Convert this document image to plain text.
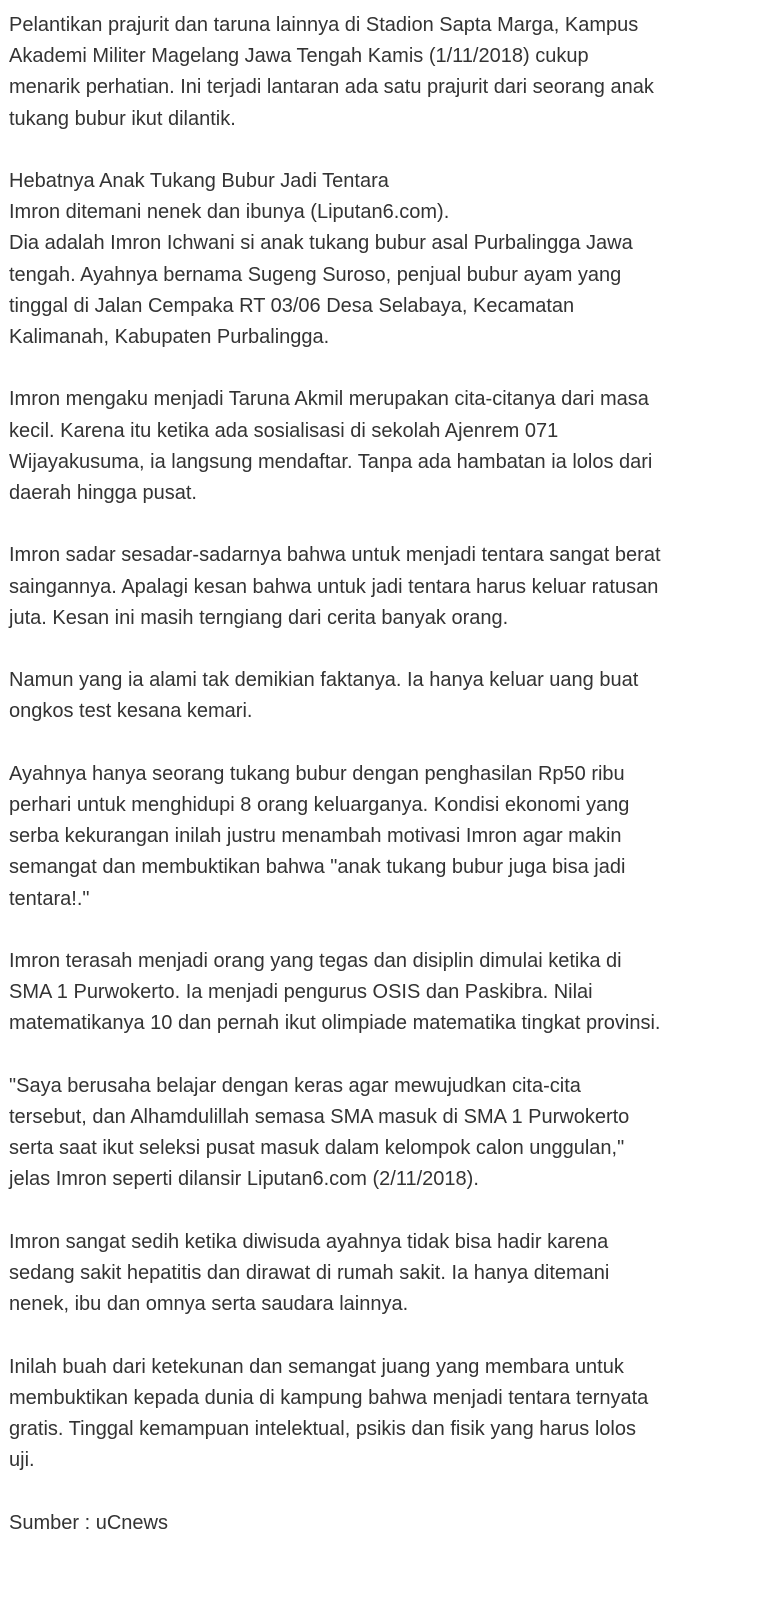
Pelantikan prajurit dan taruna lainnya di Stadion Sapta Marga, Kampus
Akademi Militer Magelang Jawa Tengah Kamis (1/11/2018) cukup
menarik perhatian. Ini terjadi lantaran ada satu prajurit dari seorang anak
tukang bubur ikut dilantik.

Hebatnya Anak Tukang Bubur Jadi Tentara
Imron ditemani nenek dan ibunya (Liputan6.com).
Dia adalah Imron Ichwani si anak tukang bubur asal Purbalingga Jawa
tengah. Ayahnya bernama Sugeng Suroso, penjual bubur ayam yang
tinggal di Jalan Cempaka RT 03/06 Desa Selabaya, Kecamatan
Kalimanah, Kabupaten Purbalingga.

Imron mengaku menjadi Taruna Akmil merupakan cita-citanya dari masa
kecil. Karena itu ketika ada sosialisasi di sekolah Ajenrem 071
Wijayakusuma, ia langsung mendaftar. Tanpa ada hambatan ia lolos dari
daerah hingga pusat.

Imron sadar sesadar-sadarnya bahwa untuk menjadi tentara sangat berat
saingannya. Apalagi kesan bahwa untuk jadi tentara harus keluar ratusan
juta. Kesan ini masih terngiang dari cerita banyak orang.

Namun yang ia alami tak demikian faktanya. Ia hanya keluar uang buat
ongkos test kesana kemari.

Ayahnya hanya seorang tukang bubur dengan penghasilan Rp50 ribu
perhari untuk menghidupi 8 orang keluarganya. Kondisi ekonomi yang
serba kekurangan inilah justru menambah motivasi Imron agar makin
semangat dan membuktikan bahwa "anak tukang bubur juga bisa jadi
tentara!."

Imron terasah menjadi orang yang tegas dan disiplin dimulai ketika di
SMA 1 Purwokerto. Ia menjadi pengurus OSIS dan Paskibra. Nilai
matematikanya 10 dan pernah ikut olimpiade matematika tingkat provinsi.

"Saya berusaha belajar dengan keras agar mewujudkan cita-cita
tersebut, dan Alhamdulillah semasa SMA masuk di SMA 1 Purwokerto
serta saat ikut seleksi pusat masuk dalam kelompok calon unggulan,"
jelas Imron seperti dilansir Liputan6.com (2/11/2018).

Imron sangat sedih ketika diwisuda ayahnya tidak bisa hadir karena
sedang sakit hepatitis dan dirawat di rumah sakit. Ia hanya ditemani
nenek, ibu dan omnya serta saudara lainnya.

Inilah buah dari ketekunan dan semangat juang yang membara untuk
membuktikan kepada dunia di kampung bahwa menjadi tentara ternyata
gratis. Tinggal kemampuan intelektual, psikis dan fisik yang harus lolos
uji.

Sumber : uCnews
